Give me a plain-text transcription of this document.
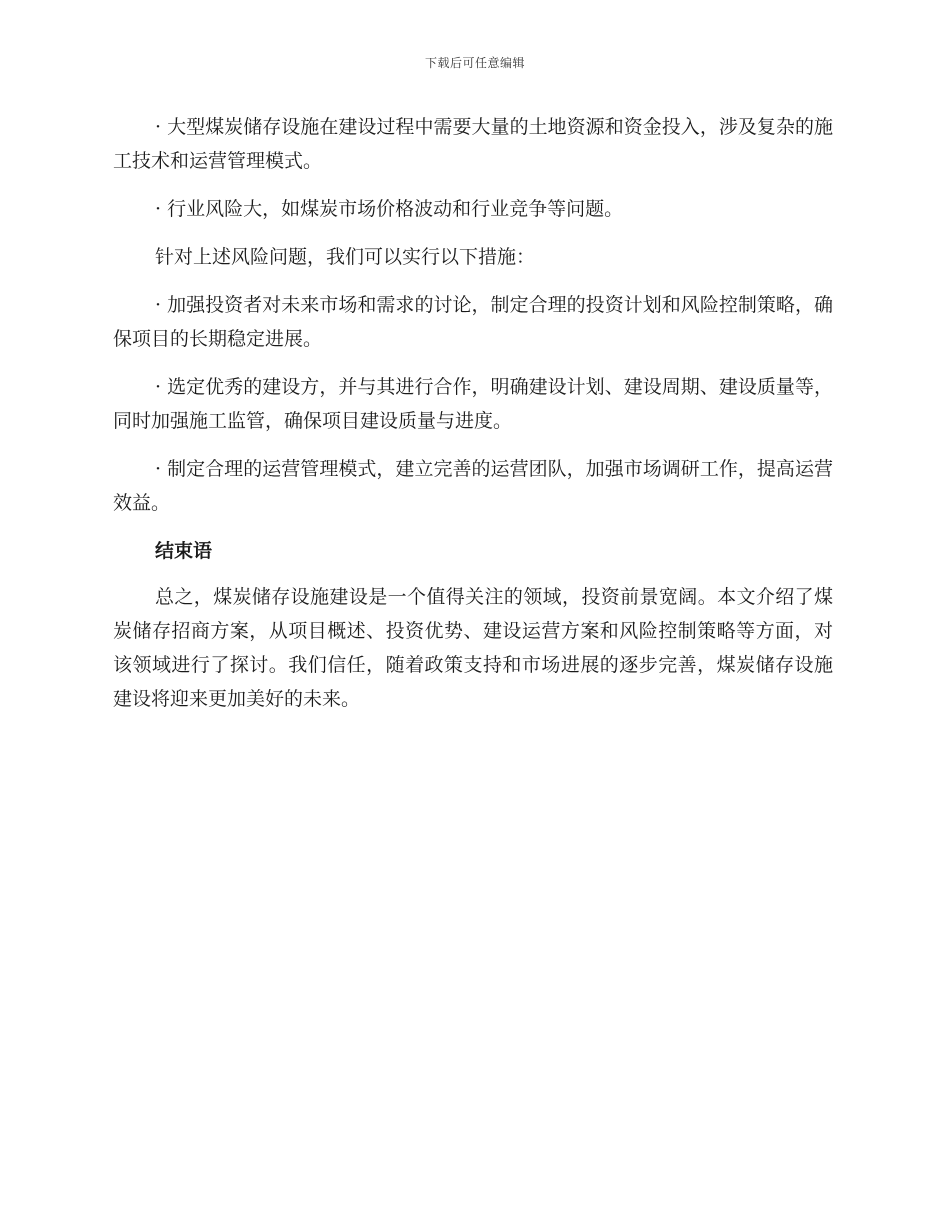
下载后可任意编辑

· 大型煤炭储存设施在建设过程中需要大量的土地资源和资金投入，涉及复杂的施工技术和运营管理模式。

· 行业风险大，如煤炭市场价格波动和行业竞争等问题。

针对上述风险问题，我们可以实行以下措施：

· 加强投资者对未来市场和需求的讨论，制定合理的投资计划和风险控制策略，确保项目的长期稳定进展。

· 选定优秀的建设方，并与其进行合作，明确建设计划、建设周期、建设质量等，同时加强施工监管，确保项目建设质量与进度。

· 制定合理的运营管理模式，建立完善的运营团队，加强市场调研工作，提高运营效益。

结束语

总之，煤炭储存设施建设是一个值得关注的领域，投资前景宽阔。本文介绍了煤炭储存招商方案，从项目概述、投资优势、建设运营方案和风险控制策略等方面，对该领域进行了探讨。我们信任，随着政策支持和市场进展的逐步完善，煤炭储存设施建设将迎来更加美好的未来。
